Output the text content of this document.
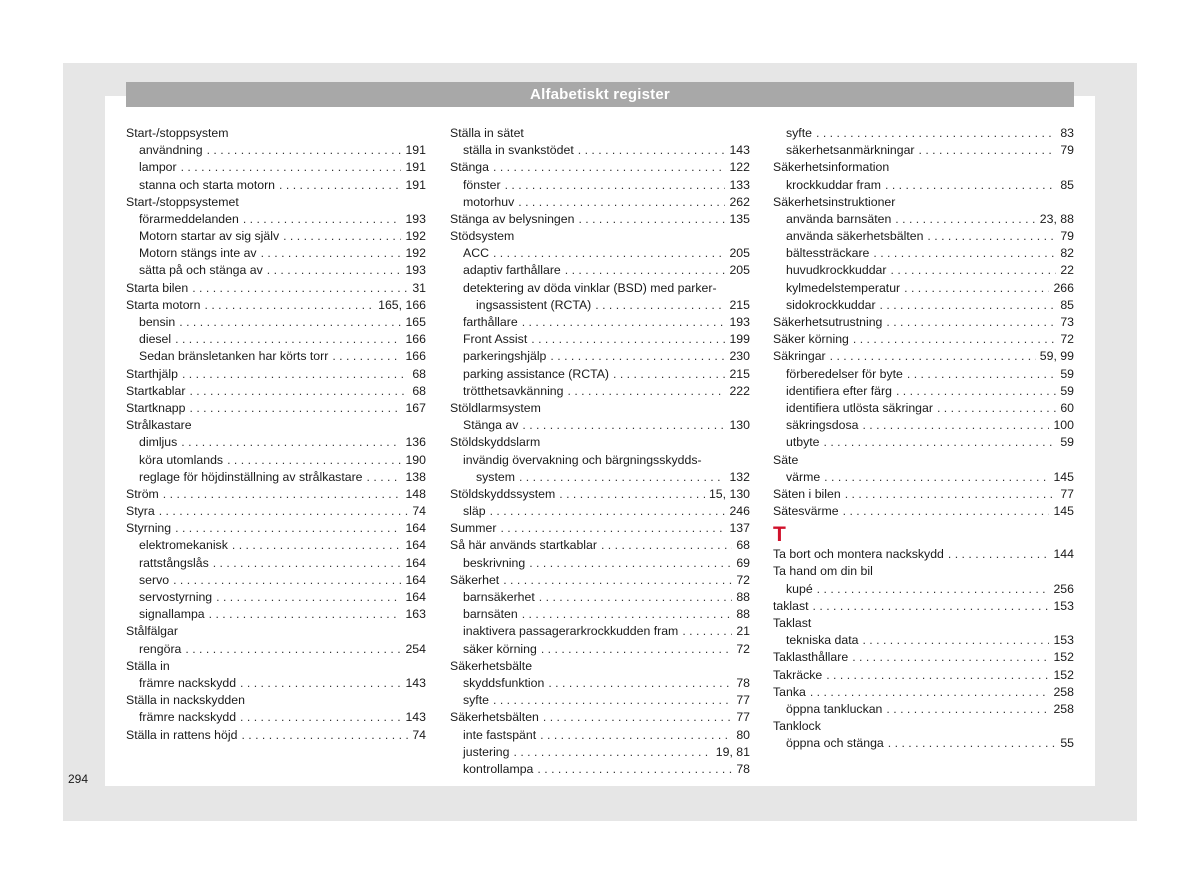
Alfabetiskt register
Start-/stoppsystem
användning . . .	191
lampor . . .	191
stanna och starta motorn . . .	191
Start-/stoppsystemet
förarmeddelanden . . .	193
Motorn startar av sig själv . . .	192
Motorn stängs inte av . . .	192
sätta på och stänga av . . .	193
Starta bilen . . .	31
Starta motorn . . .	165, 166
bensin . . .	165
diesel . . .	166
Sedan bränsletanken har körts torr . . .	166
Starthjälp . . .	68
Startkablar . . .	68
Startknapp . . .	167
Strålkastare
dimljus . . .	136
köra utomlands . . .	190
reglage för höjdinställning av strålkastare . . .	138
Ström . . .	148
Styra . . .	74
Styrning . . .	164
elektromekanisk . . .	164
rattstångslås . . .	164
servo . . .	164
servostyrning . . .	164
signallampa . . .	163
Stålfälgar
rengöra . . .	254
Ställa in
främre nackskydd . . .	143
Ställa in nackskydden
främre nackskydd . . .	143
Ställa in rattens höjd . . .	74
Ställa in sätet
ställa in svankstödet . . .	143
Stänga . . .	122
fönster . . .	133
motorhuv . . .	262
Stänga av belysningen . . .	135
Stödsystem
ACC . . .	205
adaptiv farthållare . . .	205
detektering av döda vinklar (BSD) med parker-
ingsassistent (RCTA) . . .	215
farthållare . . .	193
Front Assist . . .	199
parkeringshjälp . . .	230
parking assistance (RCTA) . . .	215
trötthetsavkänning . . .	222
Stöldlarmsystem
Stänga av . . .	130
Stöldskyddslarm
invändig övervakning och bärgningsskydds-
system . . .	132
Stöldskyddssystem . . .	15, 130
släp . . .	246
Summer . . .	137
Så här används startkablar . . .	68
beskrivning . . .	69
Säkerhet . . .	72
barnsäkerhet . . .	88
barnsäten . . .	88
inaktivera passagerarkrockkudden fram . . .	21
säker körning . . .	72
Säkerhetsbälte
skyddsfunktion . . .	78
syfte . . .	77
Säkerhetsbälten . . .	77
inte fastspänt . . .	80
justering . . .	19, 81
kontrollampa . . .	78
syfte . . .	83
säkerhetsanmärkningar . . .	79
Säkerhetsinformation
krockkuddar fram . . .	85
Säkerhetsinstruktioner
använda barnsäten . . .	23, 88
använda säkerhetsbälten . . .	79
bältessträckare . . .	82
huvudkrockkuddar . . .	22
kylmedelstemperatur . . .	266
sidokrockkuddar . . .	85
Säkerhetsutrustning . . .	73
Säker körning . . .	72
Säkringar . . .	59, 99
förberedelser för byte . . .	59
identifiera efter färg . . .	59
identifiera utlösta säkringar . . .	60
säkringsdosa . . .	100
utbyte . . .	59
Säte
värme . . .	145
Säten i bilen . . .	77
Sätesvärme . . .	145
T
Ta bort och montera nackskydd . . .	144
Ta hand om din bil
kupé . . .	256
taklast . . .	153
Taklast
tekniska data . . .	153
Taklasthållare . . .	152
Takräcke . . .	152
Tanka . . .	258
öppna tankluckan . . .	258
Tanklock
öppna och stänga . . .	55
294
